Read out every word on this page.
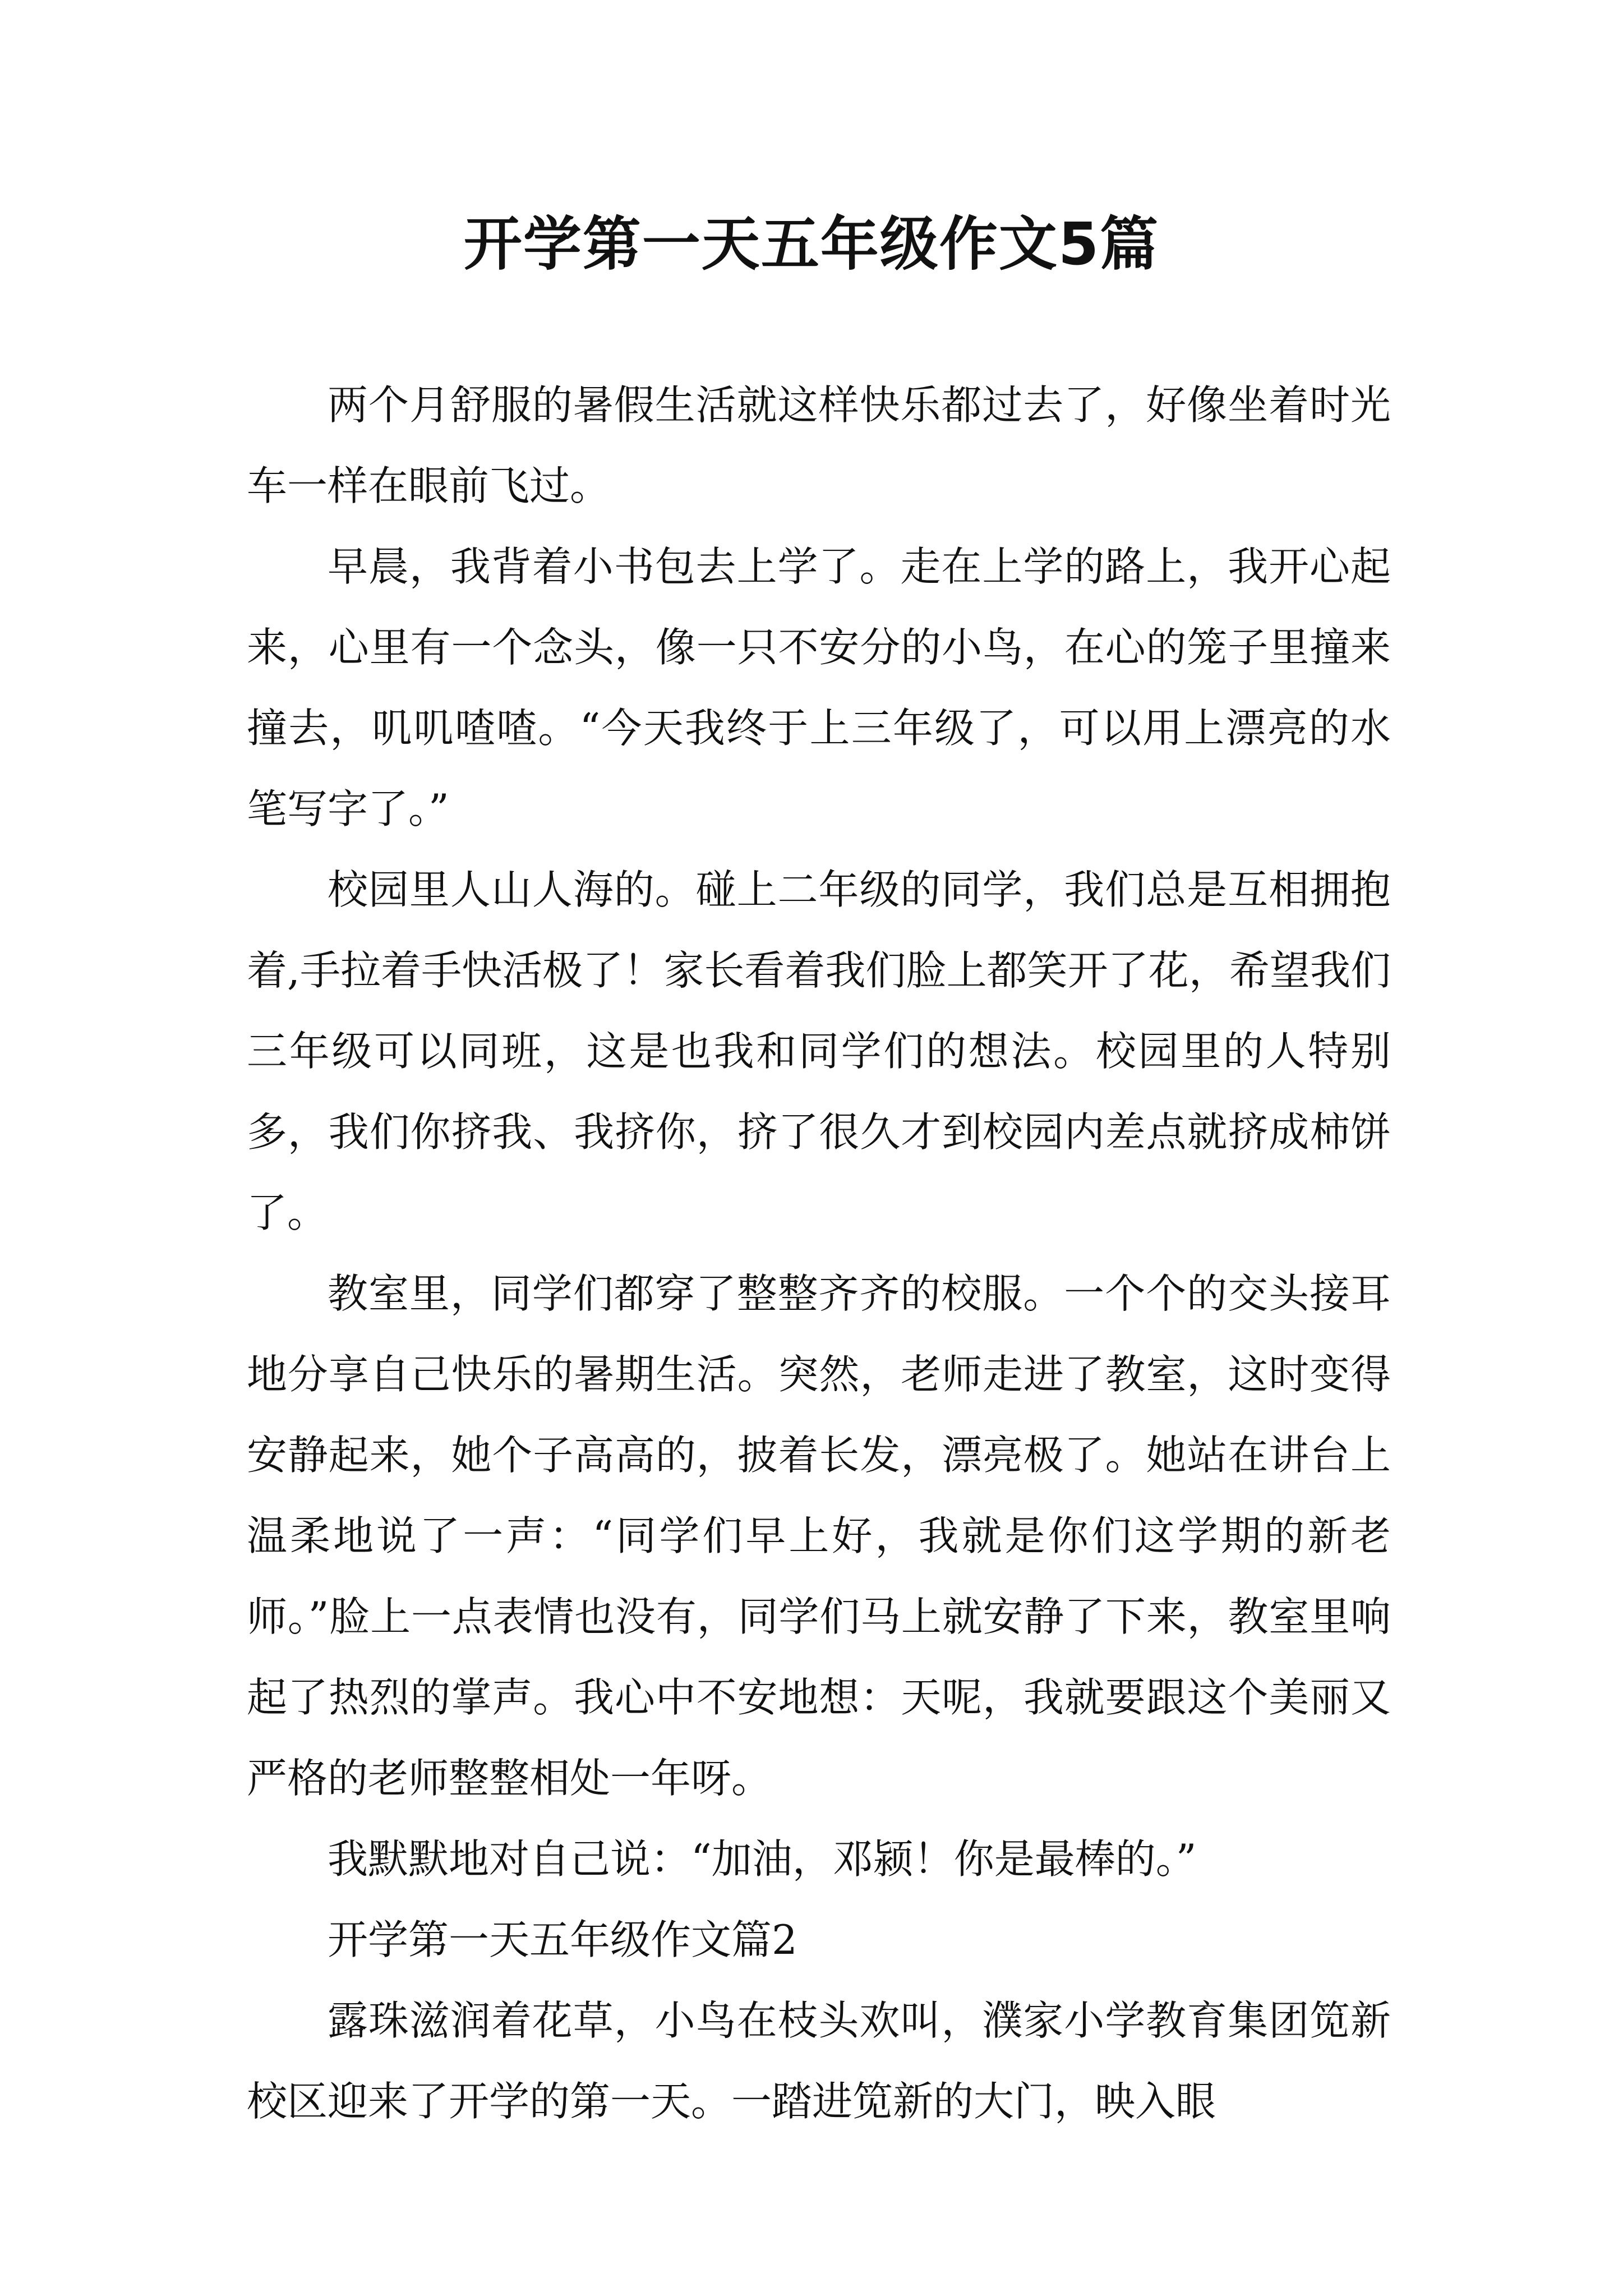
开学第一天五年级作文5篇

两个月舒服的暑假生活就这样快乐都过去了，好像坐着时光车一样在眼前飞过。

早晨，我背着小书包去上学了。走在上学的路上，我开心起来，心里有一个念头，像一只不安分的小鸟，在心的笼子里撞来撞去，叽叽喳喳。“今天我终于上三年级了，可以用上漂亮的水笔写字了。”

校园里人山人海的。碰上二年级的同学，我们总是互相拥抱着,手拉着手快活极了！家长看着我们脸上都笑开了花，希望我们三年级可以同班，这是也我和同学们的想法。校园里的人特别多，我们你挤我、我挤你，挤了很久才到校园内差点就挤成柿饼了。

教室里，同学们都穿了整整齐齐的校服。一个个的交头接耳地分享自己快乐的暑期生活。突然，老师走进了教室，这时变得安静起来，她个子高高的，披着长发，漂亮极了。她站在讲台上温柔地说了一声：“同学们早上好，我就是你们这学期的新老师。”脸上一点表情也没有，同学们马上就安静了下来，教室里响起了热烈的掌声。我心中不安地想：天呢，我就要跟这个美丽又严格的老师整整相处一年呀。

我默默地对自己说：“加油，邓颍！你是最棒的。”

开学第一天五年级作文篇2

露珠滋润着花草，小鸟在枝头欢叫，濮家小学教育集团笕新校区迎来了开学的第一天。一踏进笕新的大门，映入眼
